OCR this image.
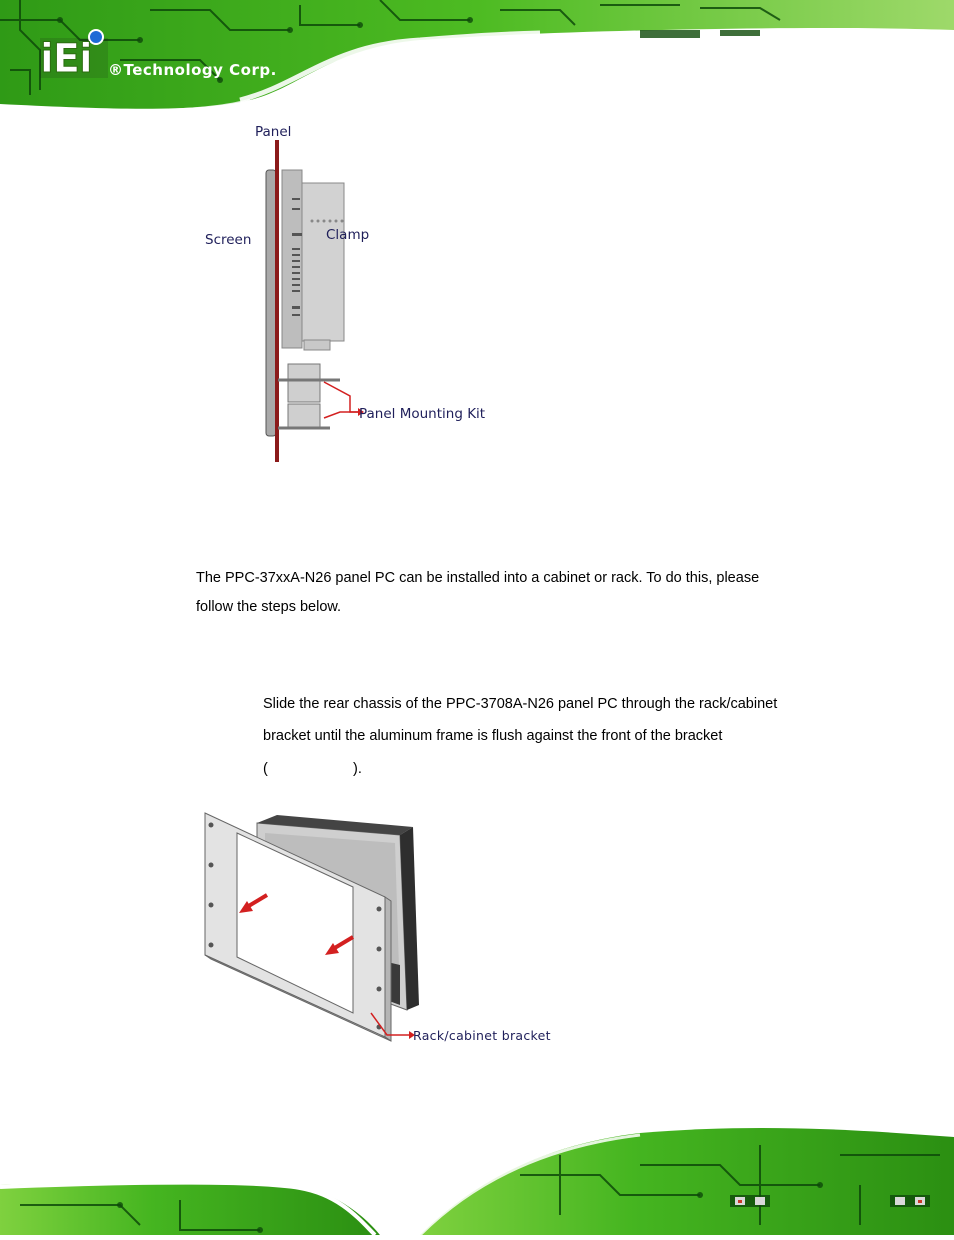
iEi ®Technology Corp.
Panel
Screen	Clamp
Panel Mounting Kit
The PPC-37xxA-N26 panel PC can be installed into a cabinet or rack. To do this, please
follow the steps below.
Slide the rear chassis of the PPC-3708A-N26 panel PC through the rack/cabinet
bracket until the aluminum frame is flush against the front of the bracket
(	).
Rack/cabinet bracket
